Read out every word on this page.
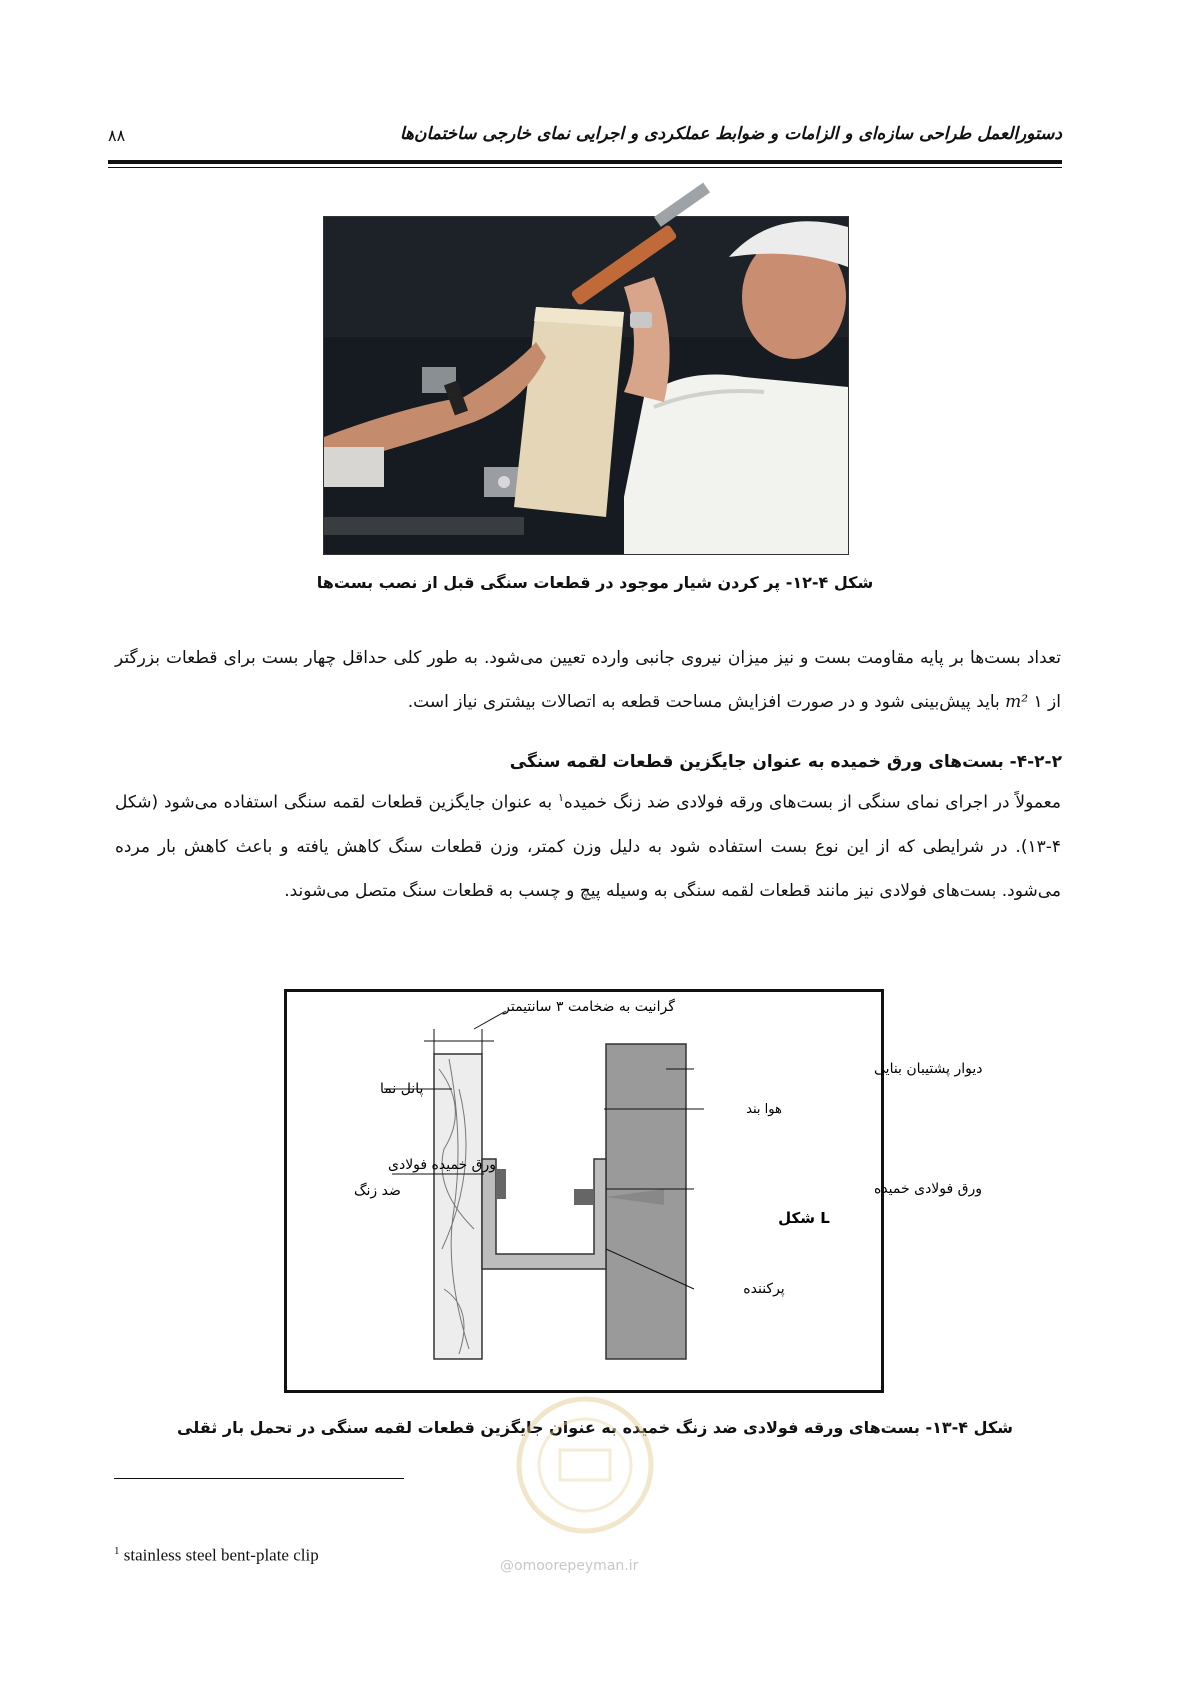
دستورالعمل طراحی سازه‌ای و الزامات و ضوابط عملکردی و اجرایی نمای خارجی ساختمان‌ها
۸۸
شکل ۴-۱۲- پر کردن شیار موجود در قطعات سنگی قبل از نصب بست‌ها
تعداد بست‌ها بر پایه مقاومت بست و نیز میزان نیروی جانبی وارده تعیین می‌شود. به طور کلی حداقل چهار بست برای قطعات بزرگتر از m² ۱ باید پیش‌بینی شود و در صورت افزایش مساحت قطعه به اتصالات بیشتری نیاز است.
۴-۲-۲- بست‌های ورق خمیده به عنوان جایگزین قطعات لقمه سنگی
معمولاً در اجرای نمای سنگی از بست‌های ورقه فولادی ضد زنگ خمیده$^۱$ به عنوان جایگزین قطعات لقمه سنگی استفاده می‌شود (شکل ۴-۱۳). در شرایطی که از این نوع بست استفاده شود به دلیل وزن کمتر، وزن قطعات سنگ کاهش یافته و باعث کاهش بار مرده می‌شود. بست‌های فولادی نیز مانند قطعات لقمه سنگی به وسیله پیچ و چسب به قطعات سنگ متصل می‌شوند.
گرانیت به ضخامت ۳ سانتیمتر
پانل نما
دیوار پشتیبان بنایی
هوا بند
ورق خمیده فولادی
ضد زنگ	ورق فولادی خمیده
L شکل
پرکننده
شکل ۴-۱۳- بست‌های ورقه فولادی ضد زنگ خمیده به عنوان جایگزین قطعات لقمه سنگی در تحمل بار ثقلی
$^1$ stainless steel bent-plate clip
@omoorepeyman.ir
